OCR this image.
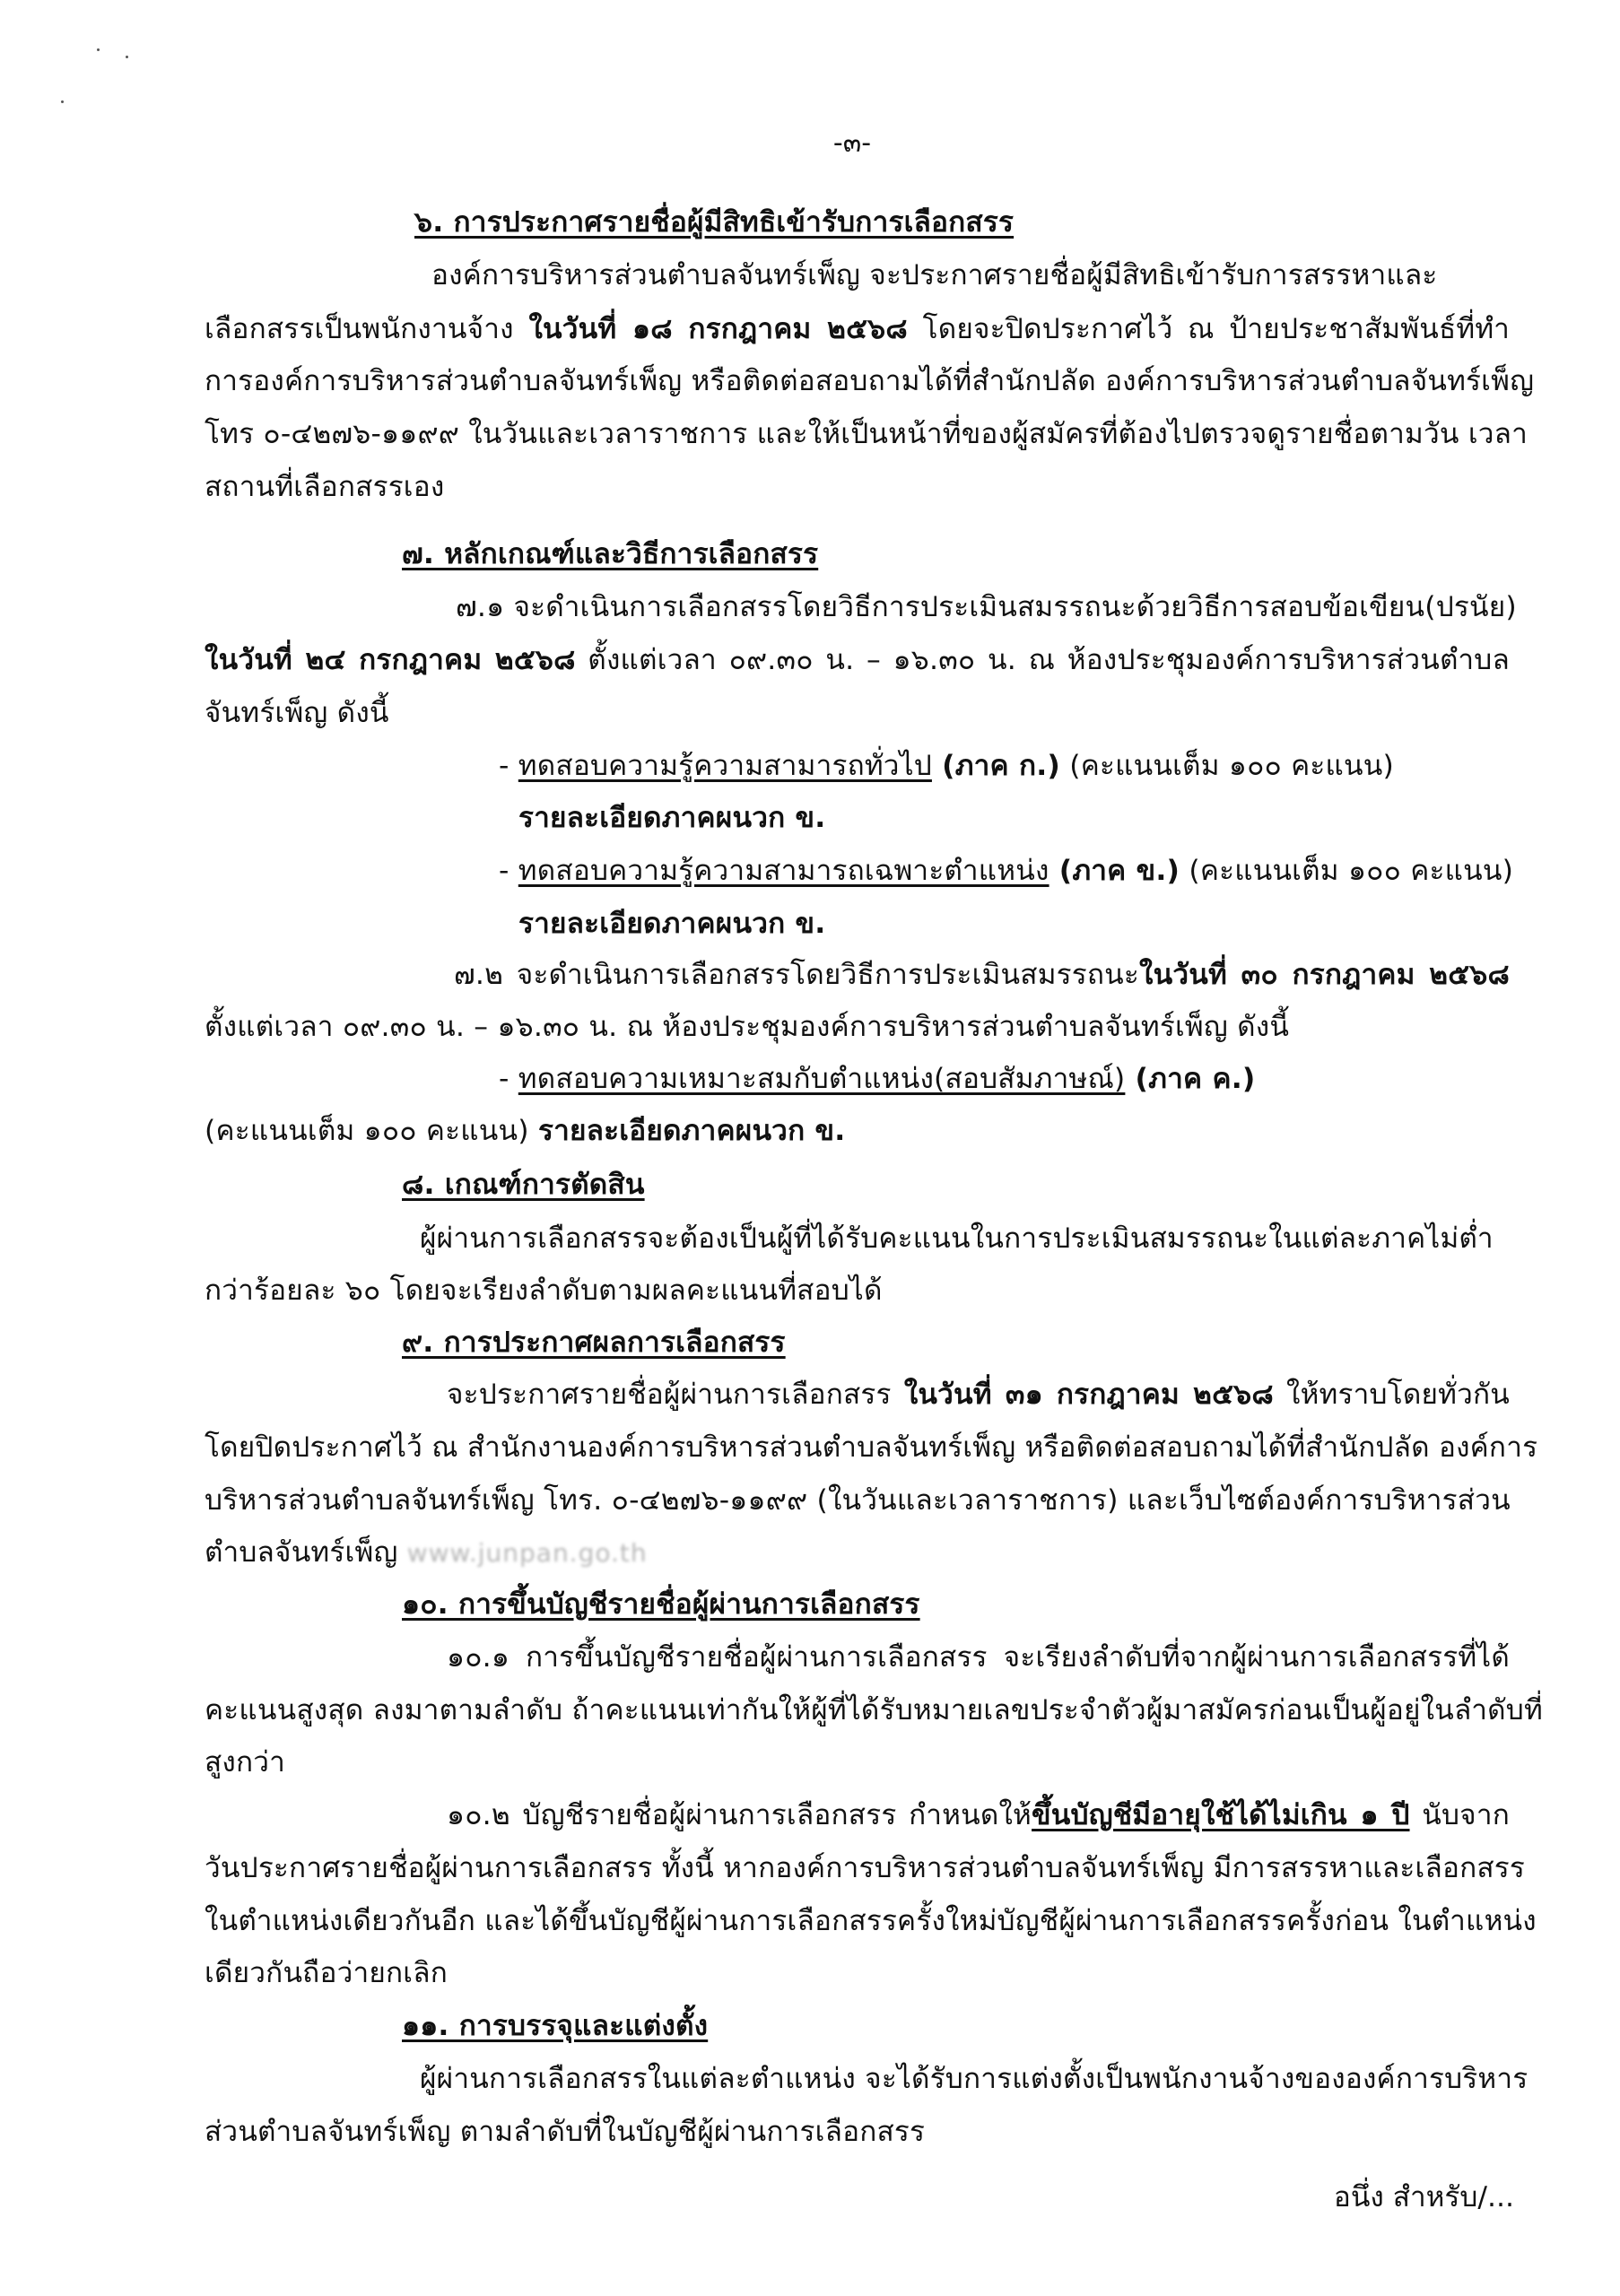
-๓-
๖. การประกาศรายชื่อผู้มีสิทธิเข้ารับการเลือกสรร
องค์การบริหารส่วนตำบลจันทร์เพ็ญ จะประกาศรายชื่อผู้มีสิทธิเข้ารับการสรรหาและ
เลือกสรรเป็นพนักงานจ้าง ในวันที่ ๑๘ กรกฎาคม ๒๕๖๘ โดยจะปิดประกาศไว้ ณ ป้ายประชาสัมพันธ์ที่ทำ
การองค์การบริหารส่วนตำบลจันทร์เพ็ญ หรือติดต่อสอบถามได้ที่สำนักปลัด องค์การบริหารส่วนตำบลจันทร์เพ็ญ
โทร ๐-๔๒๗๖-๑๑๙๙ ในวันและเวลาราชการ และให้เป็นหน้าที่ของผู้สมัครที่ต้องไปตรวจดูรายชื่อตามวัน เวลา
สถานที่เลือกสรรเอง
๗. หลักเกณฑ์และวิธีการเลือกสรร
๗.๑ จะดำเนินการเลือกสรรโดยวิธีการประเมินสมรรถนะด้วยวิธีการสอบข้อเขียน(ปรนัย)
ในวันที่ ๒๔ กรกฎาคม ๒๕๖๘ ตั้งแต่เวลา ๐๙.๓๐ น. – ๑๖.๓๐ น. ณ ห้องประชุมองค์การบริหารส่วนตำบล
จันทร์เพ็ญ ดังนี้
- ทดสอบความรู้ความสามารถทั่วไป (ภาค ก.) (คะแนนเต็ม ๑๐๐ คะแนน)
รายละเอียดภาคผนวก ข.
- ทดสอบความรู้ความสามารถเฉพาะตำแหน่ง (ภาค ข.) (คะแนนเต็ม ๑๐๐ คะแนน)
รายละเอียดภาคผนวก ข.
๗.๒ จะดำเนินการเลือกสรรโดยวิธีการประเมินสมรรถนะในวันที่ ๓๐ กรกฎาคม ๒๕๖๘
ตั้งแต่เวลา ๐๙.๓๐ น. – ๑๖.๓๐ น. ณ ห้องประชุมองค์การบริหารส่วนตำบลจันทร์เพ็ญ ดังนี้
- ทดสอบความเหมาะสมกับตำแหน่ง(สอบสัมภาษณ์) (ภาค ค.)
(คะแนนเต็ม ๑๐๐ คะแนน) รายละเอียดภาคผนวก ข.
๘. เกณฑ์การตัดสิน
ผู้ผ่านการเลือกสรรจะต้องเป็นผู้ที่ได้รับคะแนนในการประเมินสมรรถนะในแต่ละภาคไม่ต่ำ
กว่าร้อยละ ๖๐ โดยจะเรียงลำดับตามผลคะแนนที่สอบได้
๙. การประกาศผลการเลือกสรร
จะประกาศรายชื่อผู้ผ่านการเลือกสรร ในวันที่ ๓๑ กรกฎาคม ๒๕๖๘ ให้ทราบโดยทั่วกัน
โดยปิดประกาศไว้ ณ สำนักงานองค์การบริหารส่วนตำบลจันทร์เพ็ญ หรือติดต่อสอบถามได้ที่สำนักปลัด องค์การ
บริหารส่วนตำบลจันทร์เพ็ญ โทร. ๐-๔๒๗๖-๑๑๙๙ (ในวันและเวลาราชการ) และเว็บไซต์องค์การบริหารส่วน
ตำบลจันทร์เพ็ญ www.junpan.go.th
๑๐. การขึ้นบัญชีรายชื่อผู้ผ่านการเลือกสรร
๑๐.๑ การขึ้นบัญชีรายชื่อผู้ผ่านการเลือกสรร จะเรียงลำดับที่จากผู้ผ่านการเลือกสรรที่ได้
คะแนนสูงสุด ลงมาตามลำดับ ถ้าคะแนนเท่ากันให้ผู้ที่ได้รับหมายเลขประจำตัวผู้มาสมัครก่อนเป็นผู้อยู่ในลำดับที่
สูงกว่า
๑๐.๒ บัญชีรายชื่อผู้ผ่านการเลือกสรร กำหนดให้ขึ้นบัญชีมีอายุใช้ได้ไม่เกิน ๑ ปี นับจาก
วันประกาศรายชื่อผู้ผ่านการเลือกสรร ทั้งนี้ หากองค์การบริหารส่วนตำบลจันทร์เพ็ญ มีการสรรหาและเลือกสรร
ในตำแหน่งเดียวกันอีก และได้ขึ้นบัญชีผู้ผ่านการเลือกสรรครั้งใหม่บัญชีผู้ผ่านการเลือกสรรครั้งก่อน ในตำแหน่ง
เดียวกันถือว่ายกเลิก
๑๑. การบรรจุและแต่งตั้ง
ผู้ผ่านการเลือกสรรในแต่ละตำแหน่ง จะได้รับการแต่งตั้งเป็นพนักงานจ้างขององค์การบริหาร
ส่วนตำบลจันทร์เพ็ญ ตามลำดับที่ในบัญชีผู้ผ่านการเลือกสรร
อนึ่ง สำหรับ/...
